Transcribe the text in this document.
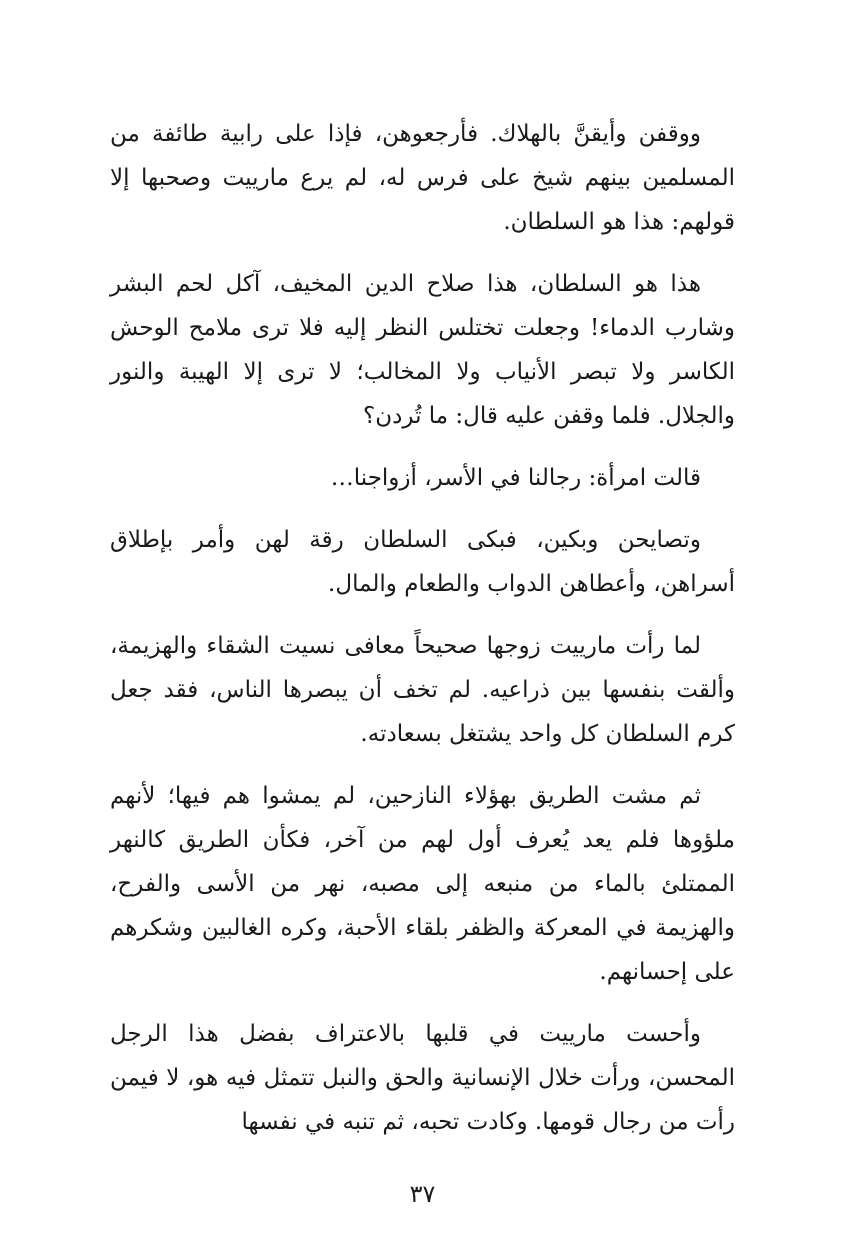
ووقفن وأيقنَّ بالهلاك. فأرجعوهن، فإذا على رابية طائفة من المسلمين بينهم شيخ على فرس له، لم يرع مارييت وصحبها إلا قولهم: هذا هو السلطان.

هذا هو السلطان، هذا صلاح الدين المخيف، آكل لحم البشر وشارب الدماء! وجعلت تختلس النظر إليه فلا ترى ملامح الوحش الكاسر ولا تبصر الأنياب ولا المخالب؛ لا ترى إلا الهيبة والنور والجلال. فلما وقفن عليه قال: ما تُردن؟

قالت امرأة: رجالنا في الأسر، أزواجنا…

وتصايحن وبكين، فبكى السلطان رقة لهن وأمر بإطلاق أسراهن، وأعطاهن الدواب والطعام والمال.

لما رأت مارييت زوجها صحيحاً معافى نسيت الشقاء والهزيمة، وألقت بنفسها بين ذراعيه. لم تخف أن يبصرها الناس، فقد جعل كرم السلطان كل واحد يشتغل بسعادته.

ثم مشت الطريق بهؤلاء النازحين، لم يمشوا هم فيها؛ لأنهم ملؤوها فلم يعد يُعرف أول لهم من آخر، فكأن الطريق كالنهر الممتلئ بالماء من منبعه إلى مصبه، نهر من الأسى والفرح، والهزيمة في المعركة والظفر بلقاء الأحبة، وكره الغالبين وشكرهم على إحسانهم.

وأحست مارييت في قلبها بالاعتراف بفضل هذا الرجل المحسن، ورأت خلال الإنسانية والحق والنبل تتمثل فيه هو، لا فيمن رأت من رجال قومها. وكادت تحبه، ثم تنبه في نفسها

٣٧
